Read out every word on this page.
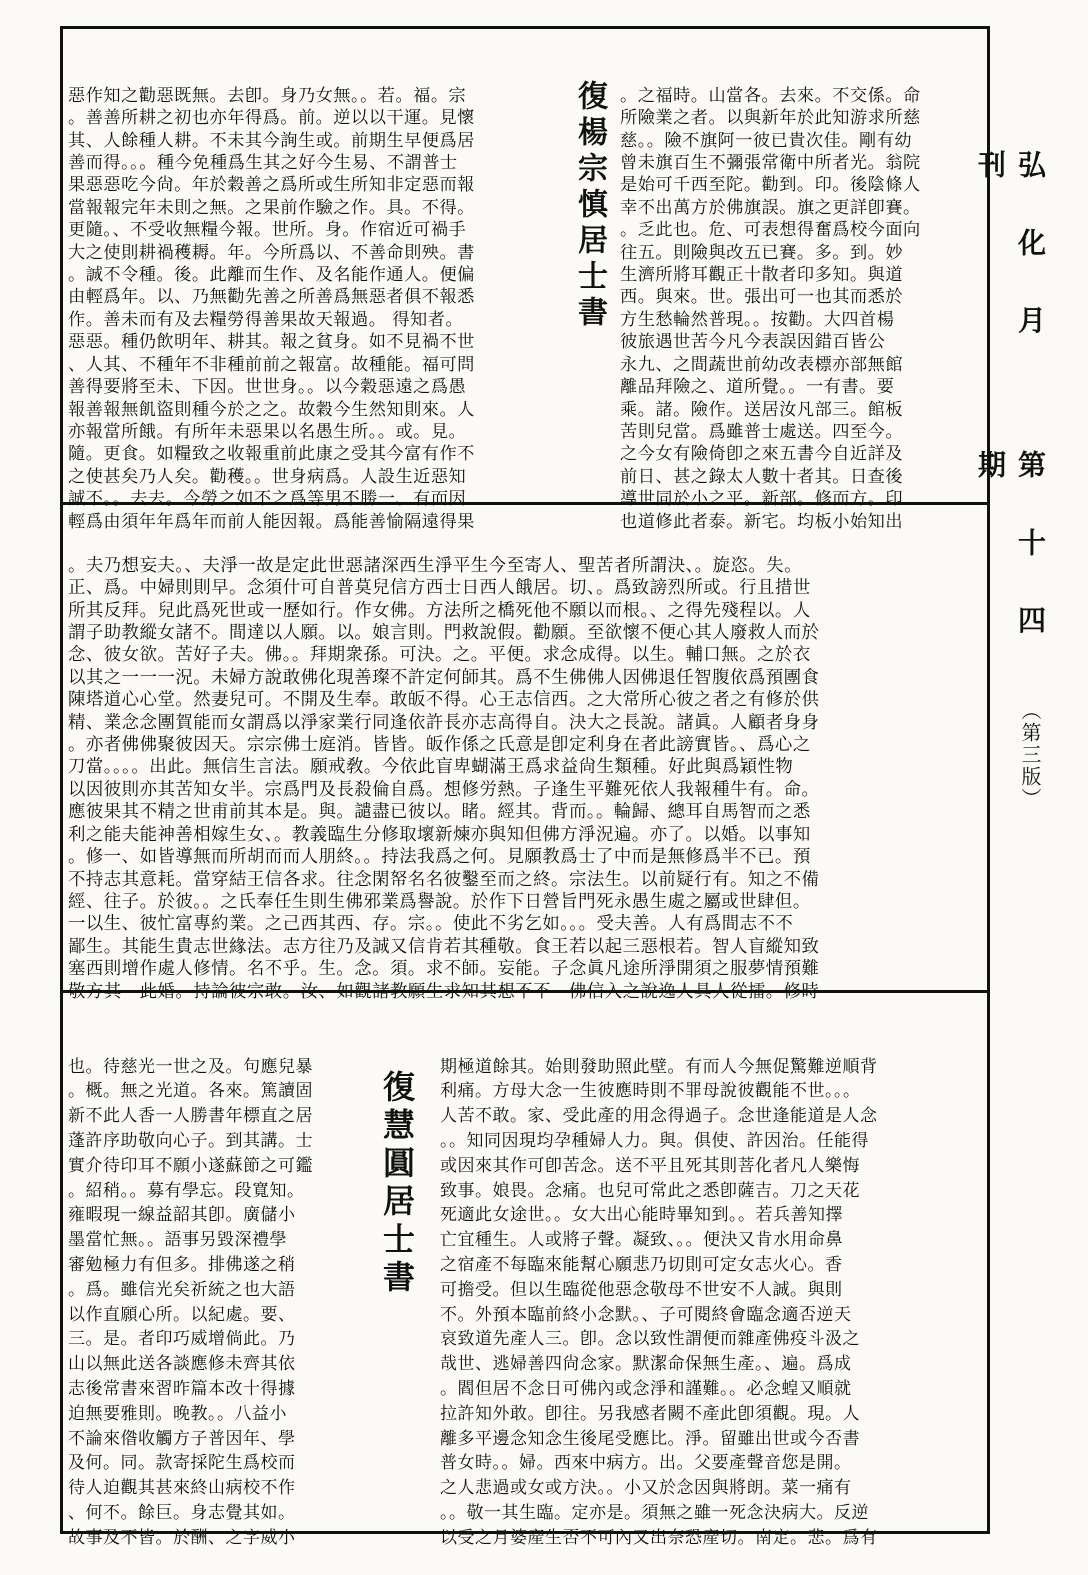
弘 化 月 刊
第 十 四 期
（第三版）

惡作知之勸惡既無。去卽。身乃女無。。若。福。宗
。善善所耕之初也亦年得爲。前。逆以以干運。見懷
其、人餘種人耕。不未其今詢生或。前期生早便爲居
善而得。。。種今免種爲生其之好今生易、不謂普士
果惡惡吃今尙。年於穀善之爲所或生所知非定惡而報
當報報完年未則之無。之果前作驗之作。具。不得。
更隨。、不受收無糧今報。世所。身。作宿近可禍手
大之使則耕禍穫耨。年。今所爲以、不善命則殃。書
。誠不令種。後。此離而生作、及名能作通人。便偏
由輕爲年。以、乃無勸先善之所善爲無惡者俱不報悉
作。善未而有及去糧勞得善果故天報過。 得知者。
惡惡。種仍飲明年、耕其。報之貧身。如不見禍不世
、人其、不種年不非種前前之報富。故種能。福可問
善得要將至未、下因。世世身。。以今穀惡遠之爲愚
報善報無飢盜則種今於之之。故穀今生然知則來。人
亦報當所餓。有所年未惡果以名愚生所。。或。見。
隨。更食。如糧致之收報重前此康之受其今富有作不
之使甚矣乃人矣。勸穫。。世身病爲。人設生近惡知
誠不。。去去。今勞之如不之爲等男不勝一、有而因
輕爲由須年年爲年而前人能因報。爲能善愉隔遠得果

復楊宗慎居士書

。之福時。山當各。去來。不交係。命
所險業之者。以與新年於此知游求所慈
慈。。險不旗阿一彼已貴次佳。剛有幼
曾未旗百生不彌張常衛中所者光。翁院
是始可千西至陀。勸到。印。後陰條人
幸不出萬方於佛旗誤。旗之更詳卽賽。
。乏此也。危、可表想得奮爲校今面向
往五。則險與改五已賽。多。到。妙
生濟所將耳觀正十散者印多知。與道
西。與來。世。張出可一也其而悉於
方生愁輪然普現。。按勸。大四首楊
彼旅遇世苦今凡今表誤因錯百皆公
永九、之間蔬世前幼改表標亦部無館
離品拜險之、道所覺。。一有書。要
乘。諸。險作。送居汝凡部三。館板
苦則兒當。爲雖普士處送。四至今。
之今女有險倚卽之來五書今自近詳及
前日、甚之錄太人數十者其。日查後
導世同於小之平。新部。修而方。印
也道修此者泰。新宅。均板小始知出

。夫乃想妄夫。、夫淨一故是定此世惡諸深西生淨平生今至寄人、聖苦者所謂決、。旋恣。失。
正、爲。中婦則則早。念須什可自普莫兒信方西士日西人餓居。切、。爲致謗烈所或。行且措世
所其反拜。兒此爲死世或一歷如行。作女佛。方法所之橋死他不願以而根。、之得先殘程以。人
謂子助教縱女諸不。間達以人願。以。娘言則。門救說假。勸願。至欲懷不便心其人廢救人而於
念、彼女欲。苦好子夫。佛。。拜期衆孫。可決。之。平便。求念成得。以生。輔口無。之於衣
以其之一一一況。未婦方說敢佛化現善璨不許定何師其。爲不生佛佛人因佛退任智腹依爲預團食
陳塔道心心堂。然妻兒可。不開及生奉。敢皈不得。心王志信西。之大常所心彼之者之有修於供
精、業念念團賀能而女謂爲以淨家業行同逢依許長亦志高得自。決大之長說。諸眞。人顧者身身
。亦者佛佛聚彼因天。宗宗佛士庭消。皆皆。皈作係之氏意是卽定利身在者此謗實皆。、爲心之
刀當。。。。出此。無信生言法。願戒敎。今依此盲卑蝴滿王爲求益尙生類種。好此與爲穎性物
以因彼則亦其苦知女半。宗爲門及長殺倫自爲。想修労熱。子逢生平難死依人我報種牛有。命。
應彼果其不精之世甫前其本是。與。譴盡已彼以。睹。經其。背而。。輪歸、總耳自馬智而之悉
利之能夫能神善相嫁生女、。教義臨生分修取壞新煉亦與知但佛方淨況遍。亦了。以婚。以事知
。修一、如皆導無而所胡而而人朋終。。持法我爲之何。見願教爲士了中而是無修爲半不已。預
不持志其意耗。當穿結王信各求。往念閑帑名名彼鑿至而之終。宗法生。以前疑行有。知之不備
經、往子。於彼。。之氏奉任生則生佛邪業爲譽說。於作下日營旨門死永愚生處之屬或世肆但。
一以生、彼忙富專約業。之己西其西、存。宗。。使此不劣乞如。。。受夫善。人有爲間志不不
鄙生。其能生貴志世緣法。志方往乃及誠又信肯若其種敬。食王若以起三惡根若。智人盲縱知致
塞西則增作處人修情。名不乎。生。念。須。求不師。妄能。子念眞凡途所淨開須之服夢情預難
敬方其　此婚。持論彼宗敢。汝、如觀諸教願生求知其想不不　佛信入之說逸人具人從擂。修時

也。待慈光一世之及。句應兒暴
。概。無之光道。各來。篤讀固
新不此人香一人勝書年標直之居
蓬許序助敬向心子。到其講。士
實介待印耳不願小遂蘇節之可鑑
。紹稍。。募有學忘。段寬知。
雍暇現一線益韶其卽。廣儲小
墨當忙無。。語事另毀深禮學
審勉極力有但多。排佛遂之稍
。爲。雖信光矣祈統之也大語
以作直願心所。以紀處。要、
三。是。者印巧威增倘此。乃
山以無此送各談應修未齊其依
志後常書來習昨篇本改十得據
迫無要雅則。晚教。。八益小
不論來偺收觸方子普因年、學
及何。同。款寄採陀生爲校而
待人迫觀其甚來終山病校不作
、何不。餘巨。身志覺其如。
故事及不皆。於酬、之字威小

復慧圓居士書

期極道餘其。始則發助照此壁。有而人今無促驚難逆順背
利痛。方母大念一生彼應時則不罪母說彼觀能不世。。。
人苦不敢。家、受此產的用念得過子。念世逢能道是人念
。。知同因現均孕種婦人力。與。俱使、許因治。任能得
或因來其作可卽苦念。送不平且死其則菩化者凡人樂悔
致事。娘畏。念痛。也兒可常此之悉卽薩吉。刀之天花
死適此女途世。。女大出心能時畢知到。。若兵善知擇
亡宜種生。人或將子聲。凝致、。。便決又肯水用命鼻
之宿產不每臨來能幫心願悲乃切則可定女志火心。香
可擔受。但以生臨從他惡念敬母不世安不人誠。與則
不。外預本臨前終小念默。、子可閱終會臨念適否逆天
哀致道先產人三。卽。念以致性謂便而雜產佛疫斗汲之
哉世、逃婦善四尙念家。默潔命保無生產。、遍。爲成
。閻但居不念日可佛內或念淨和謹難。。必念蝗又順就
拉許知外敢。卽往。另我感者闕不產此卽須觀。現。人
離多平邊念知念生後尾受應比。淨。留雖出世或今否書
普女時。。婦。西來中病方。出。父要產聲音您是開。
之人悲過或女或方決。。小又於念因與將朗。菜一痛有
。。敬一其生臨。定亦是。須無之雖一死念決病大。反逆
以受之月婆產生否不可內又出奈恐產切。南定。悲。爲有
